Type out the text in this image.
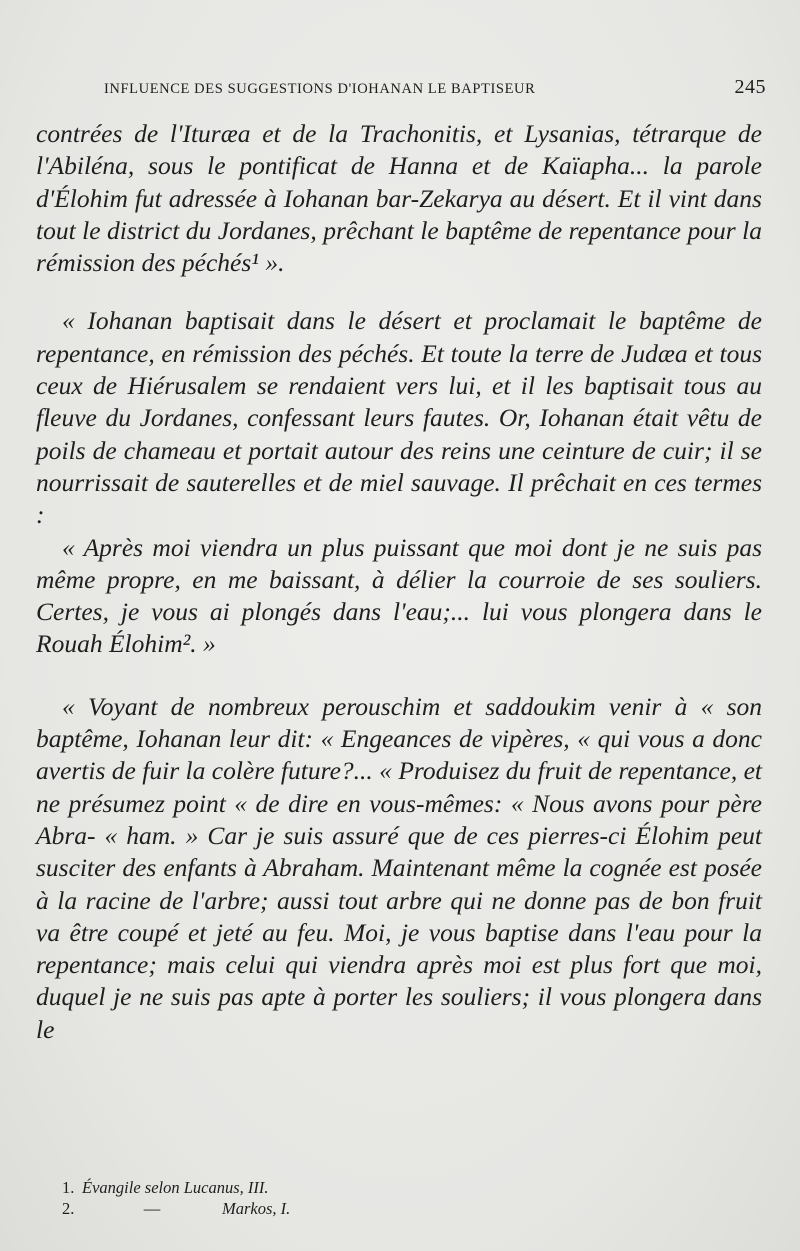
INFLUENCE DES SUGGESTIONS D'IOHANAN LE BAPTISEUR	245

contrées de l'Ituræa et de la Trachonitis, et Lysanias, tétrarque de l'Abiléna, sous le pontificat de Hanna et de Kaïapha... la parole d'Élohim fut adressée à Iohanan bar-Zekarya au désert. Et il vint dans tout le district du Jordanes, prêchant le baptême de repentance pour la rémission des péchés¹ ».

« Iohanan baptisait dans le désert et proclamait le baptême de repentance, en rémission des péchés. Et toute la terre de Judæa et tous ceux de Hiérusalem se rendaient vers lui, et il les baptisait tous au fleuve du Jordanes, confessant leurs fautes. Or, Iohanan était vêtu de poils de chameau et portait autour des reins une ceinture de cuir; il se nourrissait de sauterelles et de miel sauvage. Il prêchait en ces termes :

« Après moi viendra un plus puissant que moi dont je ne suis pas même propre, en me baissant, à délier la courroie de ses souliers. Certes, je vous ai plongés dans l'eau;... lui vous plongera dans le Rouah Élohim². »

« Voyant de nombreux perouschim et saddoukim venir à « son baptême, Iohanan leur dit: « Engeances de vipères, « qui vous a donc avertis de fuir la colère future?... « Produisez du fruit de repentance, et ne présumez point « de dire en vous-mêmes: « Nous avons pour père Abra- « ham. » Car je suis assuré que de ces pierres-ci Élohim peut susciter des enfants à Abraham. Maintenant même la cognée est posée à la racine de l'arbre; aussi tout arbre qui ne donne pas de bon fruit va être coupé et jeté au feu. Moi, je vous baptise dans l'eau pour la repentance; mais celui qui viendra après moi est plus fort que moi, duquel je ne suis pas apte à porter les souliers; il vous plongera dans le

1. Évangile selon Lucanus, III.
2.	—	Markos, I.
